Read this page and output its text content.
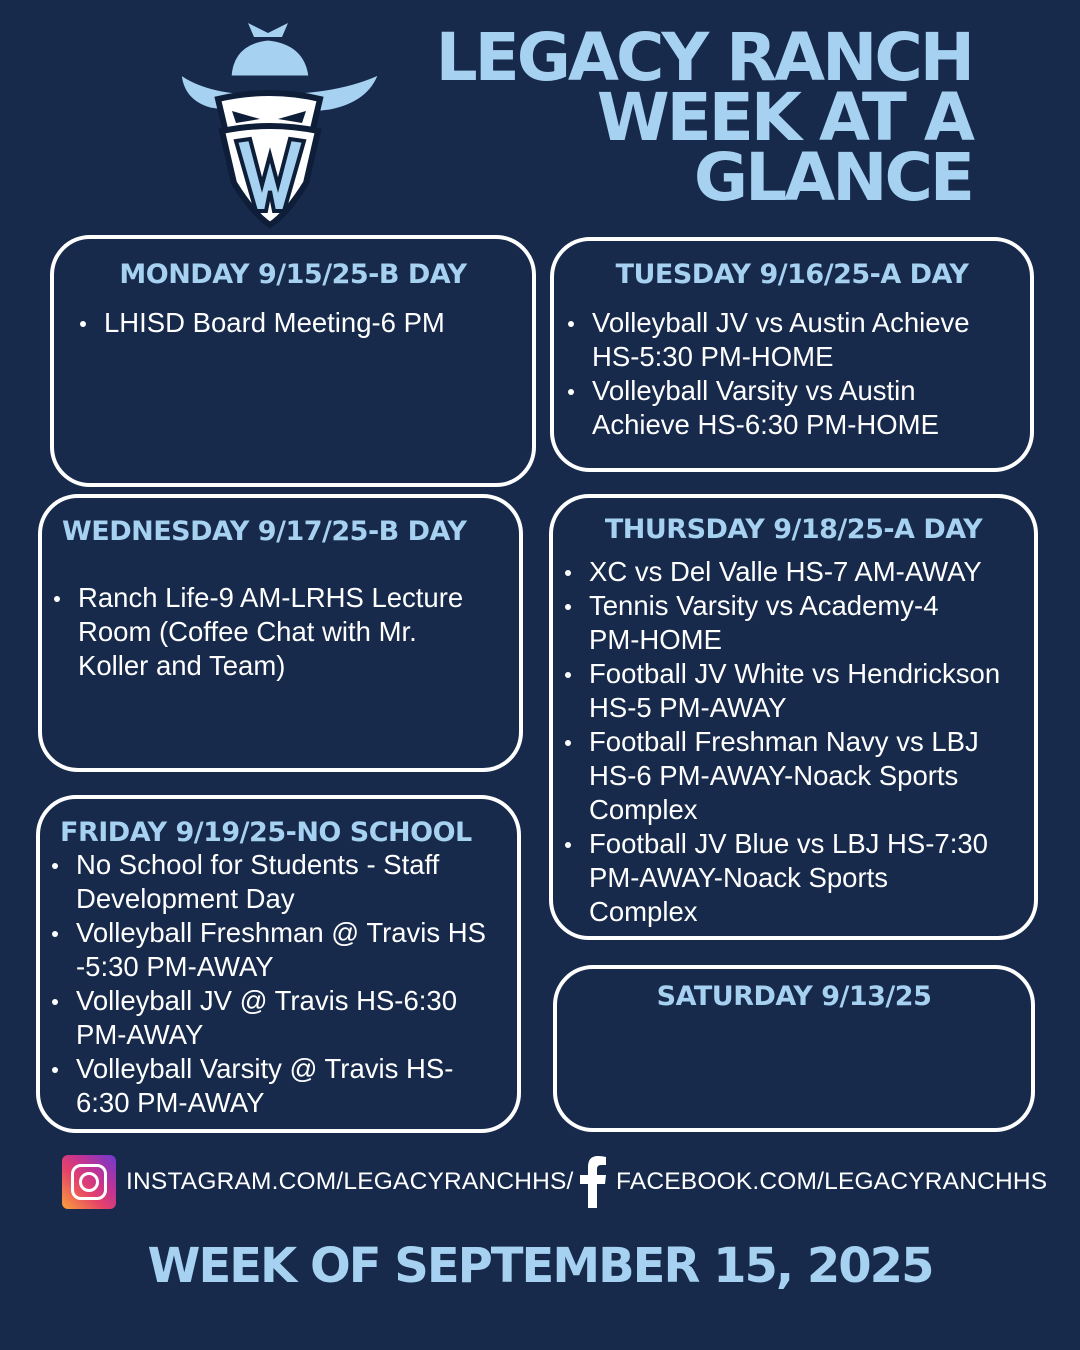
LEGACY RANCH
WEEK AT A
GLANCE
MONDAY 9/15/25-B DAY
LHISD Board Meeting-6 PM
TUESDAY 9/16/25-A DAY
Volleyball JV vs Austin Achieve
HS-5:30 PM-HOME
Volleyball Varsity vs Austin
Achieve HS-6:30 PM-HOME
WEDNESDAY 9/17/25-B DAY
Ranch Life-9 AM-LRHS Lecture
Room (Coffee Chat with Mr.
Koller and Team)
THURSDAY 9/18/25-A DAY
XC vs Del Valle HS-7 AM-AWAY
Tennis Varsity vs Academy-4
PM-HOME
Football JV White vs Hendrickson
HS-5 PM-AWAY
Football Freshman Navy vs LBJ
HS-6 PM-AWAY-Noack Sports
Complex
Football JV Blue vs LBJ HS-7:30
PM-AWAY-Noack Sports
Complex
FRIDAY 9/19/25-NO SCHOOL
No School for Students - Staff
Development Day
Volleyball Freshman @ Travis HS
-5:30 PM-AWAY
Volleyball JV @ Travis HS-6:30
PM-AWAY
Volleyball Varsity @ Travis HS-
6:30 PM-AWAY
SATURDAY 9/13/25
INSTAGRAM.COM/LEGACYRANCHHS/ FACEBOOK.COM/LEGACYRANCHHS
WEEK OF SEPTEMBER 15, 2025
